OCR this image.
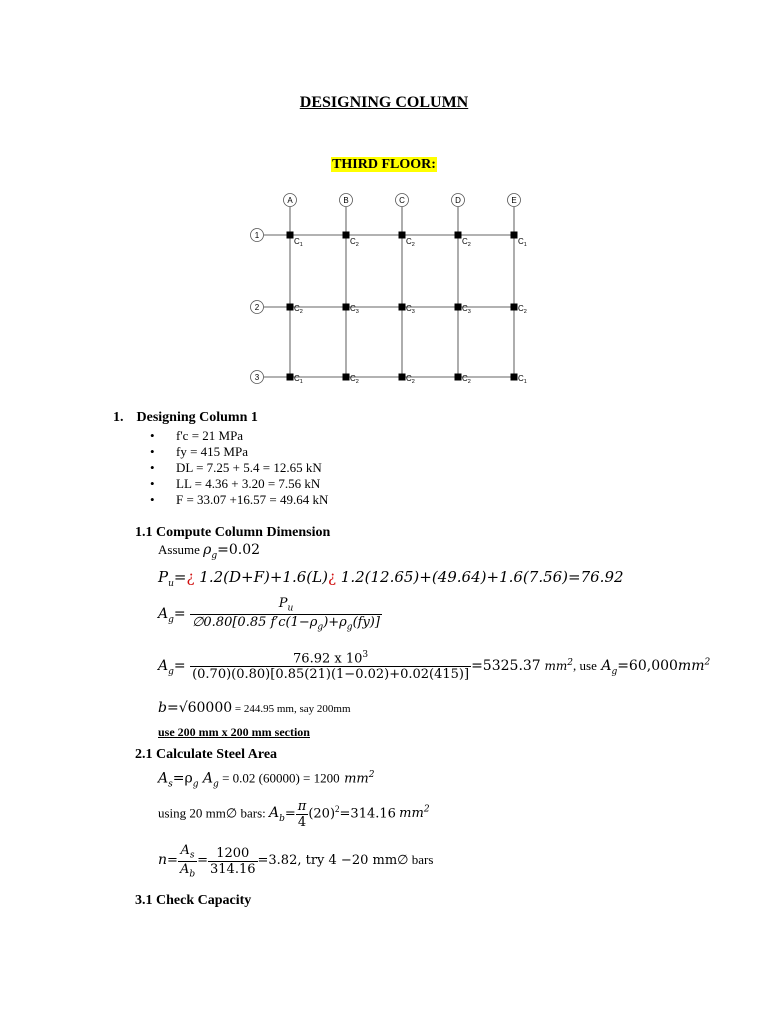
DESIGNING COLUMN
THIRD FLOOR:
A	B	C	D	E
1
2
3
$C_1$	$C_2$	$C_2$	$C_2$	$C_1$
$C_2$	$C_3$	$C_3$	$C_3$	$C_2$
$C_1$	$C_2$	$C_2$	$C_2$	$C_1$
1. Designing Column 1
• f'c = 21 MPa
• fy = 415 MPa
• DL = 7.25 + 5.4 = 12.65 kN
• LL = 4.36 + 3.20 = 7.56 kN
• F = 33.07 +16.57 = 49.64 kN
1.1 Compute Column Dimension
Assume $\rho_g=0.02$
$P_u=¿$ 1.2(D+F)+1.6(L)¿ 1.2(12.65)+(49.64)+1.6(7.56)=76.92
$A_g= \frac{P_u}{\emptyset 0.80[0.85 f'c(1-\rho_g)+\rho_g(fy)]}$
$A_g= \frac{76.92 x 10^3}{(0.70)(0.80)[0.85(21)(1-0.02)+0.02(415)]} =5325.37$ $mm^2$, use $A_g=60,000mm^2$
b=√60000 = 244.95 mm, say 200mm
use 200 mm x 200 mm section
2.1 Calculate Steel Area
$A_s=\rho_g$ $A_g = 0.02$ (60000) = 1200 $mm^2$
using 20 mm∅ bars: $A_b= \frac{\pi}{4} (20)^2=314.16$ $mm^2$
$n= \frac{A_s}{A_b} = \frac{1200}{314.16} =3.82$, try 4 −20 mm∅ bars
3.1 Check Capacity
